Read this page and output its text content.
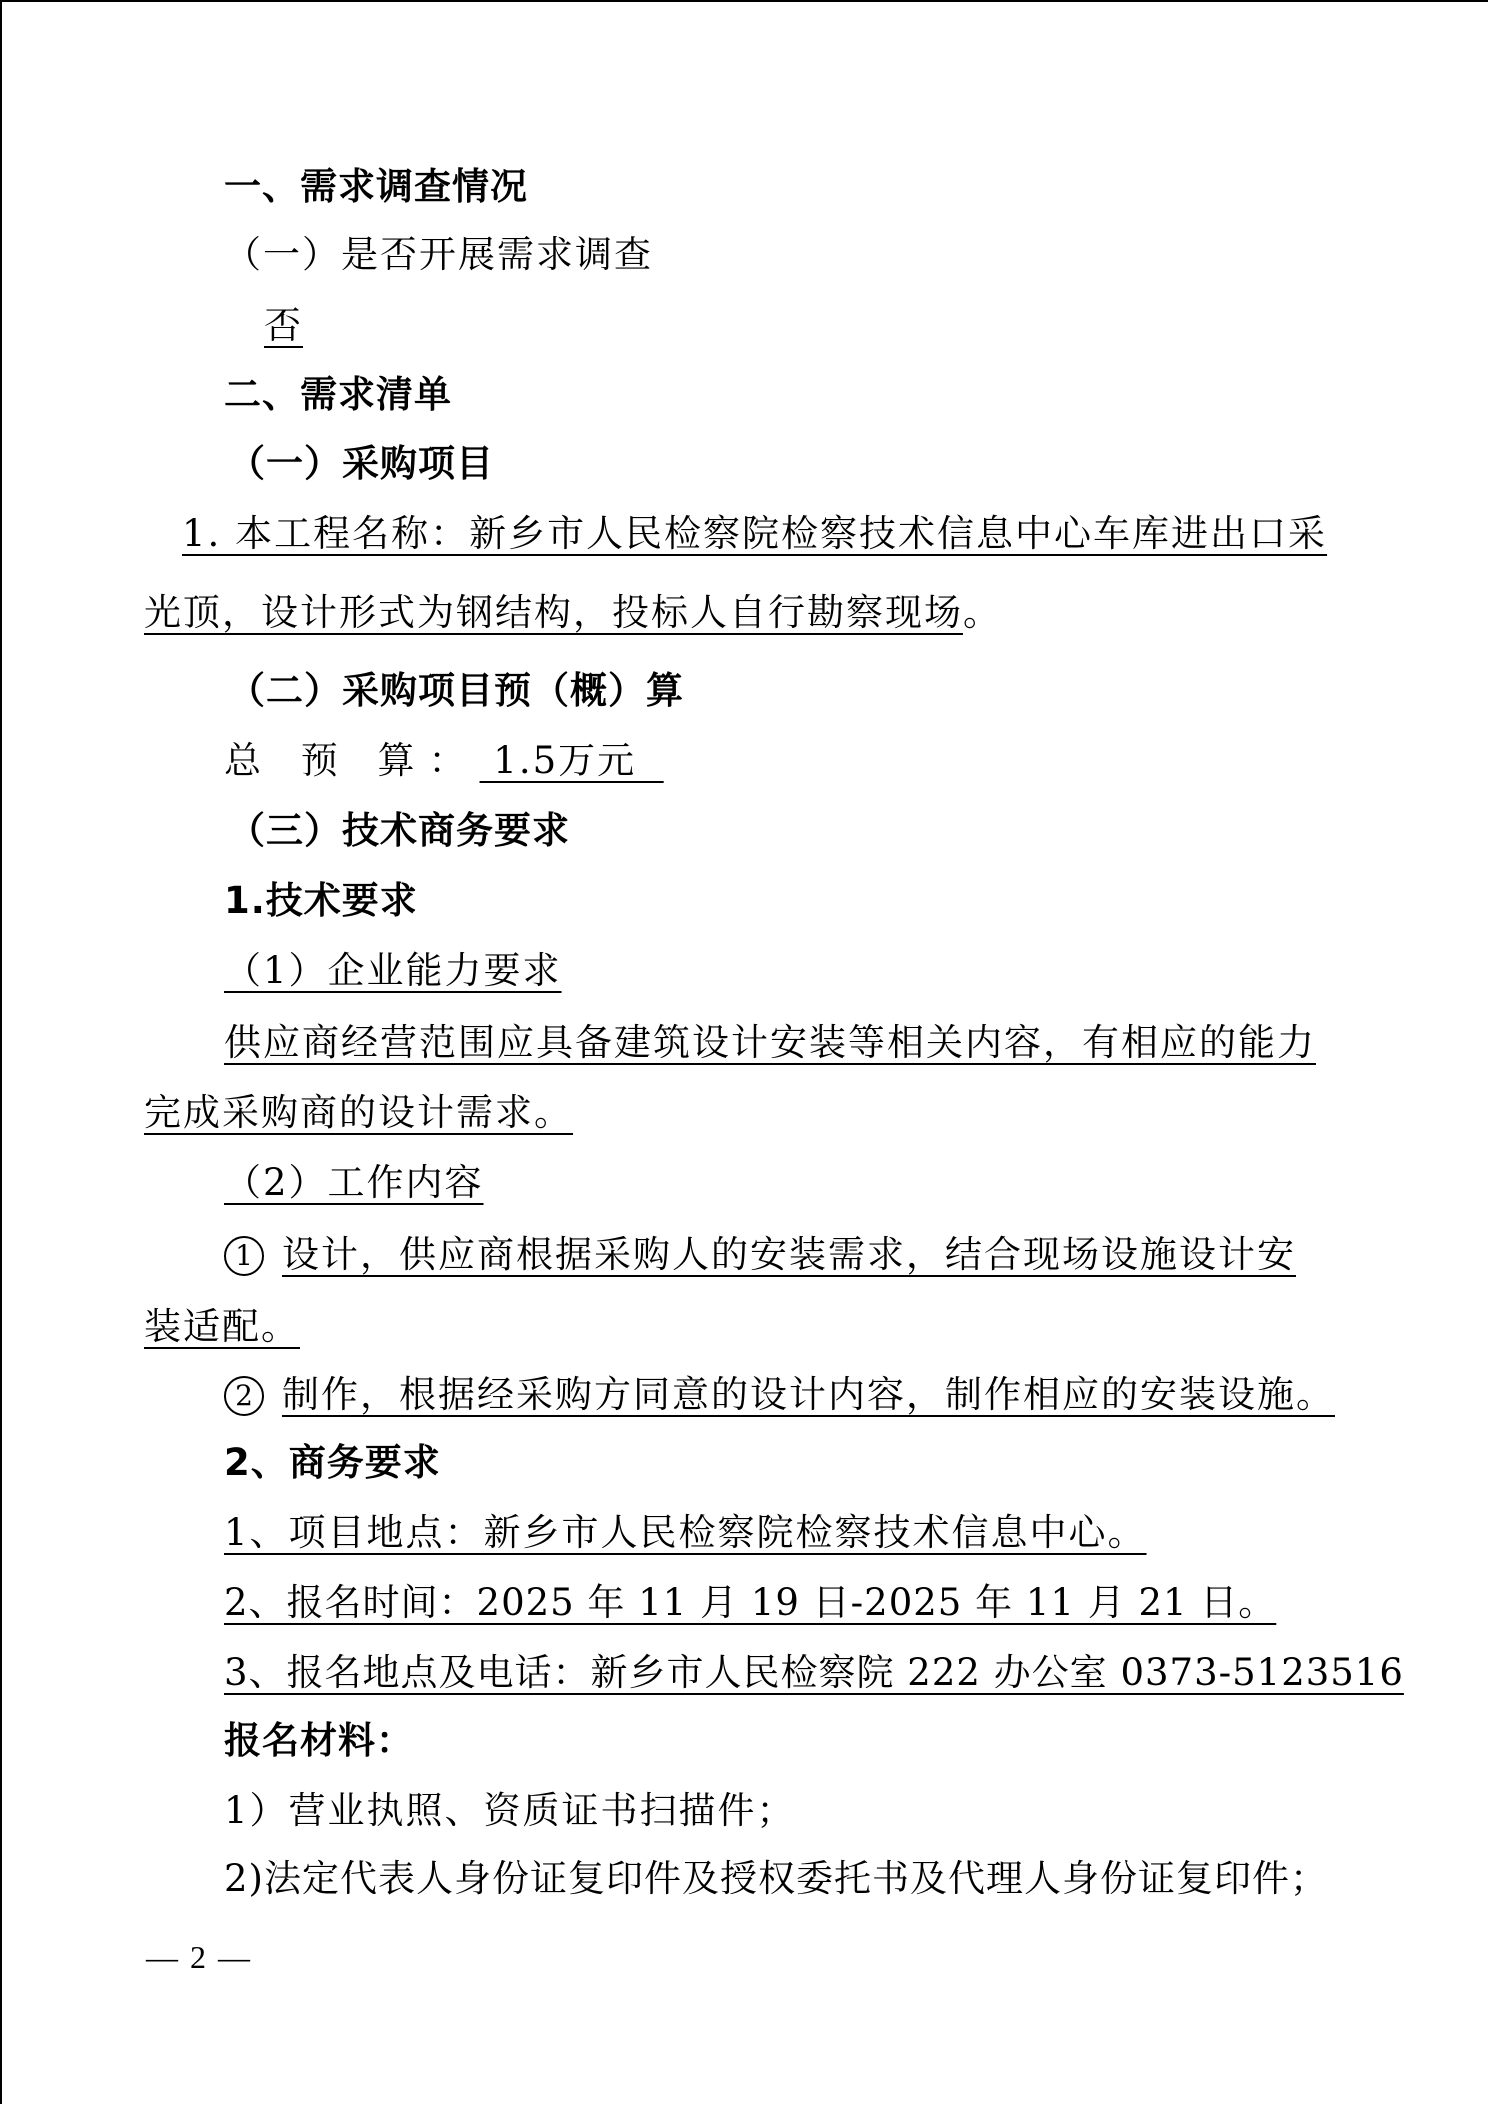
一、需求调查情况
（一）是否开展需求调查
否
二、需求清单
（一）采购项目
1. 本工程名称：新乡市人民检察院检察技术信息中心车库进出口采
光顶，设计形式为钢结构，投标人自行勘察现场。
（二）采购项目预（概）算
总 预 算： 1.5万元
（三）技术商务要求
1.技术要求
（1）企业能力要求
供应商经营范围应具备建筑设计安装等相关内容，有相应的能力
完成采购商的设计需求。
（2）工作内容
1 设计，供应商根据采购人的安装需求，结合现场设施设计安
装适配。
2 制作，根据经采购方同意的设计内容，制作相应的安装设施。
2、商务要求
1、项目地点：新乡市人民检察院检察技术信息中心。
2、报名时间：2025 年 11 月 19 日-2025 年 11 月 21 日。
3、报名地点及电话：新乡市人民检察院 222 办公室 0373-5123516
报名材料：
1）营业执照、资质证书扫描件；
2)法定代表人身份证复印件及授权委托书及代理人身份证复印件；
— 2 —
